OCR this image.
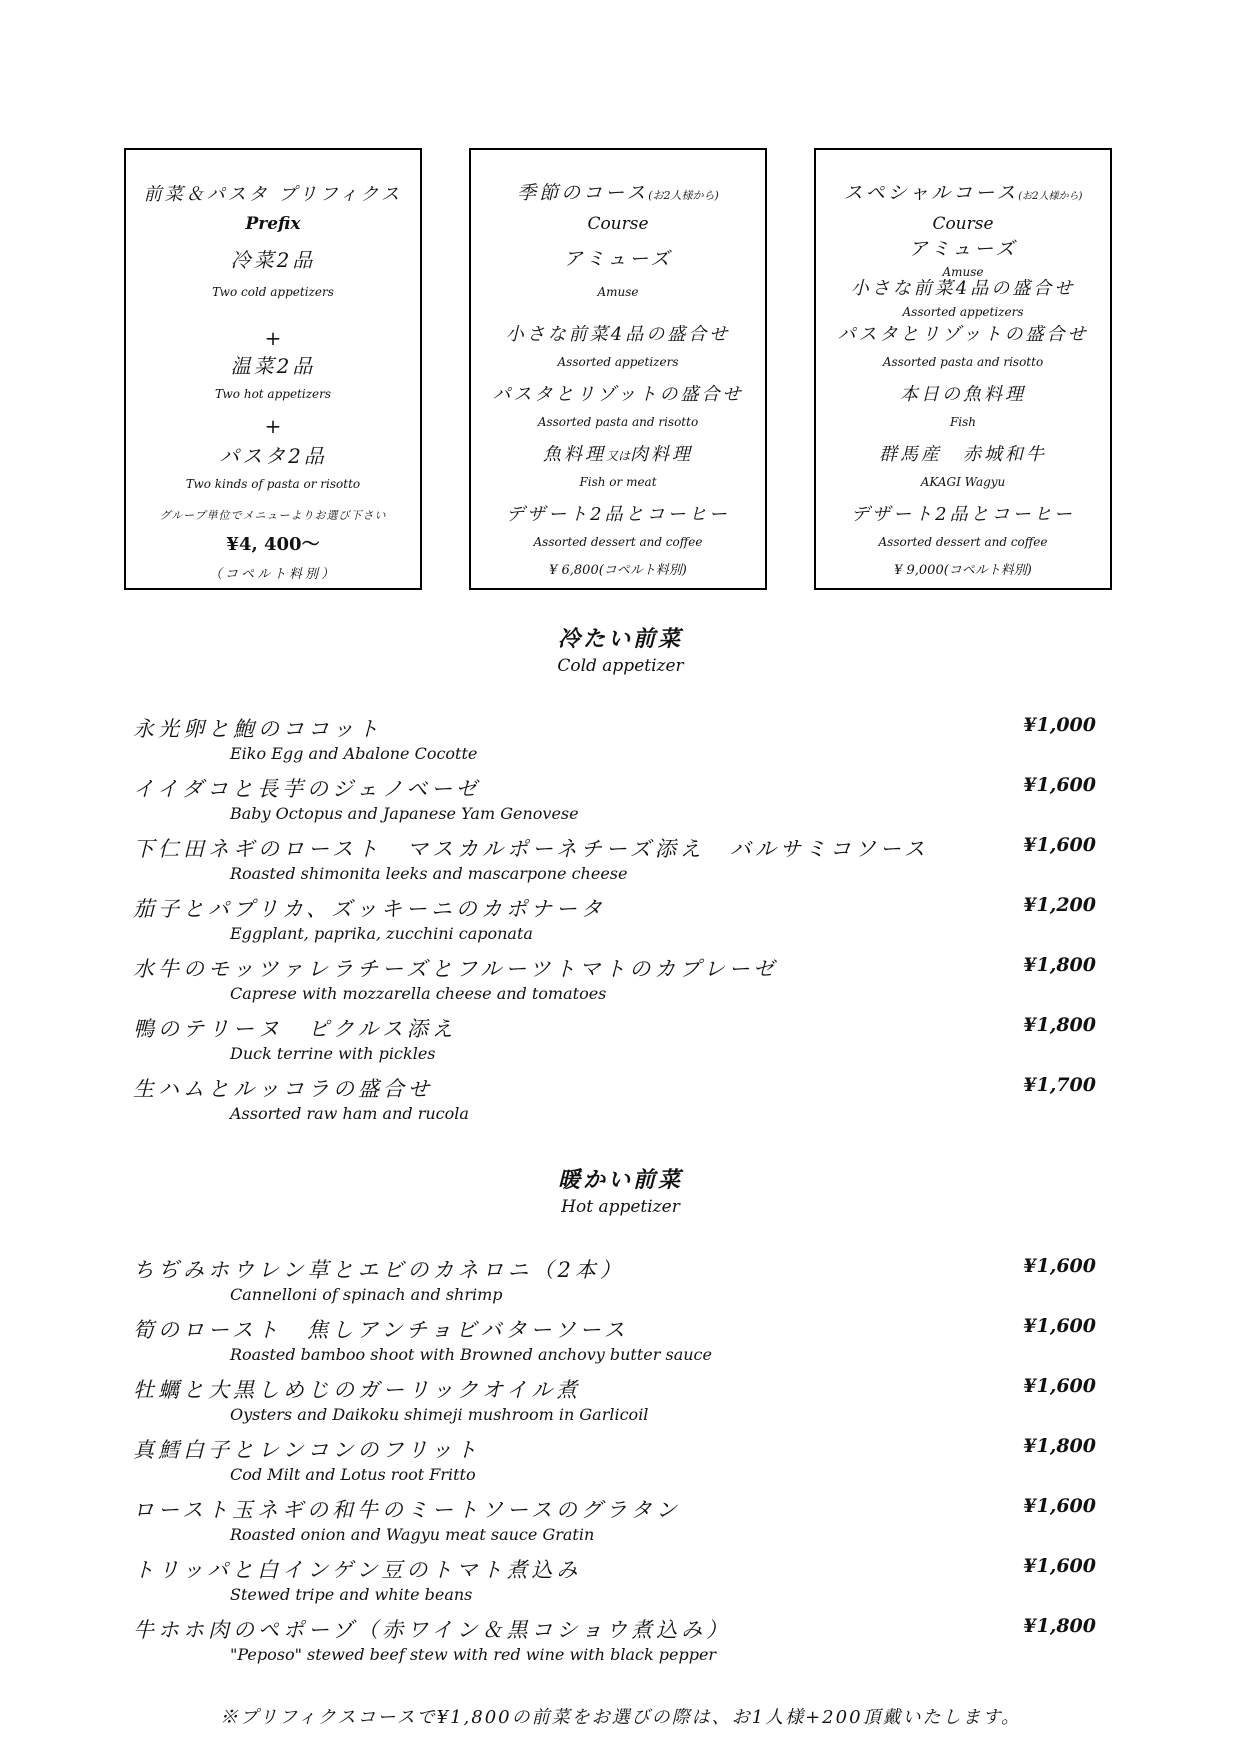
前菜＆パスタ プリフィクス
Prefix
冷菜2品
Two cold appetizers
+
温菜2品
Two hot appetizers
+
パスタ2品
Two kinds of pasta or risotto
グループ単位でメニューよりお選び下さい
¥4, 400〜
（コペルト料別）
季節のコース(お2人様から)
Course
アミューズ
Amuse
小さな前菜4品の盛合せ
Assorted appetizers
パスタとリゾットの盛合せ
Assorted pasta and risotto
魚料理又は肉料理
Fish or meat
デザート2品とコーヒー
Assorted dessert and coffee
¥ 6,800(コペルト料別)
スペシャルコース(お2人様から)
Course
アミューズ
Amuse
小さな前菜4品の盛合せ
Assorted appetizers
パスタとリゾットの盛合せ
Assorted pasta and risotto
本日の魚料理
Fish
群馬産　赤城和牛
AKAGI Wagyu
デザート2品とコーヒー
Assorted dessert and coffee
¥ 9,000(コペルト料別)
冷たい前菜
Cold appetizer
永光卵と鮑のココット
Eiko Egg and Abalone Cocotte
¥1,000
イイダコと長芋のジェノベーゼ
Baby Octopus and Japanese Yam Genovese
¥1,600
下仁田ネギのロースト　マスカルポーネチーズ添え　バルサミコソース
Roasted shimonita leeks and mascarpone cheese
¥1,600
茄子とパプリカ、ズッキーニのカポナータ
Eggplant, paprika, zucchini caponata
¥1,200
水牛のモッツァレラチーズとフルーツトマトのカプレーゼ
Caprese with mozzarella cheese and tomatoes
¥1,800
鴨のテリーヌ　ピクルス添え
Duck terrine with pickles
¥1,800
生ハムとルッコラの盛合せ
Assorted raw ham and rucola
¥1,700
暖かい前菜
Hot appetizer
ちぢみホウレン草とエビのカネロニ（2本）
Cannelloni of spinach and shrimp
¥1,600
筍のロースト　焦しアンチョビバターソース
Roasted bamboo shoot with Browned anchovy butter sauce
¥1,600
牡蠣と大黒しめじのガーリックオイル煮
Oysters and Daikoku shimeji mushroom in Garlicoil
¥1,600
真鱈白子とレンコンのフリット
Cod Milt and Lotus root Fritto
¥1,800
ロースト玉ネギの和牛のミートソースのグラタン
Roasted onion and Wagyu meat sauce Gratin
¥1,600
トリッパと白インゲン豆のトマト煮込み
Stewed tripe and white beans
¥1,600
牛ホホ肉のペポーゾ（赤ワイン＆黒コショウ煮込み）
"Peposo" stewed beef stew with red wine with black pepper
¥1,800
※プリフィクスコースで¥1,800の前菜をお選びの際は、お1人様+200頂戴いたします。
